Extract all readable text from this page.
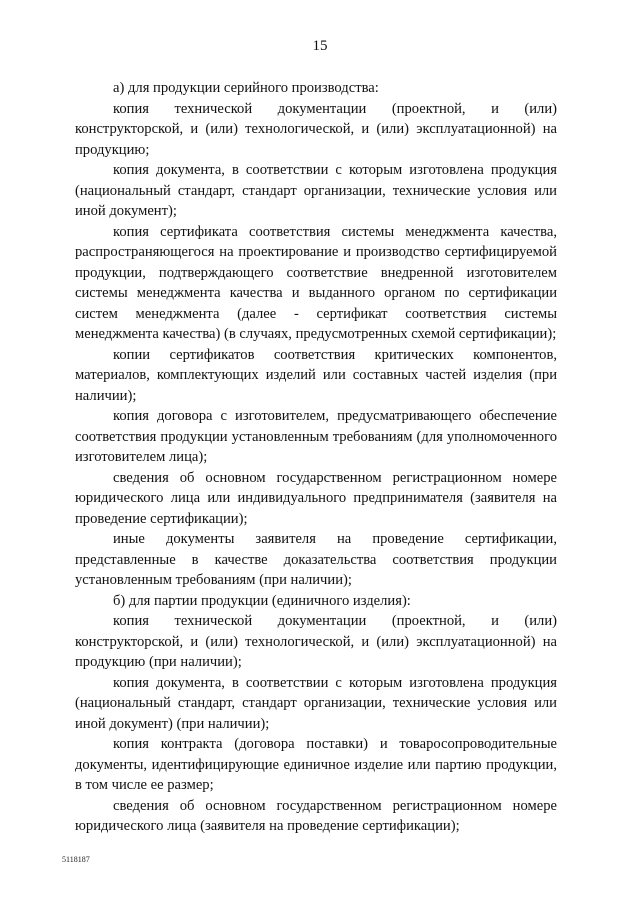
15

а) для продукции серийного производства:

копия технической документации (проектной, и (или) конструкторской, и (или) технологической, и (или) эксплуатационной) на продукцию;

копия документа, в соответствии с которым изготовлена продукция (национальный стандарт, стандарт организации, технические условия или иной документ);

копия сертификата соответствия системы менеджмента качества, распространяющегося на проектирование и производство сертифицируемой продукции, подтверждающего соответствие внедренной изготовителем системы менеджмента качества и выданного органом по сертификации систем менеджмента (далее - сертификат соответствия системы менеджмента качества) (в случаях, предусмотренных схемой сертификации);

копии сертификатов соответствия критических компонентов, материалов, комплектующих изделий или составных частей изделия (при наличии);

копия договора с изготовителем, предусматривающего обеспечение соответствия продукции установленным требованиям (для уполномоченного изготовителем лица);

сведения об основном государственном регистрационном номере юридического лица или индивидуального предпринимателя (заявителя на проведение сертификации);

иные документы заявителя на проведение сертификации, представленные в качестве доказательства соответствия продукции установленным требованиям (при наличии);

б) для партии продукции (единичного изделия):

копия технической документации (проектной, и (или) конструкторской, и (или) технологической, и (или) эксплуатационной) на продукцию (при наличии);

копия документа, в соответствии с которым изготовлена продукция (национальный стандарт, стандарт организации, технические условия или иной документ) (при наличии);

копия контракта (договора поставки) и товаросопроводительные документы, идентифицирующие единичное изделие или партию продукции, в том числе ее размер;

сведения об основном государственном регистрационном номере юридического лица (заявителя на проведение сертификации);

5118187
